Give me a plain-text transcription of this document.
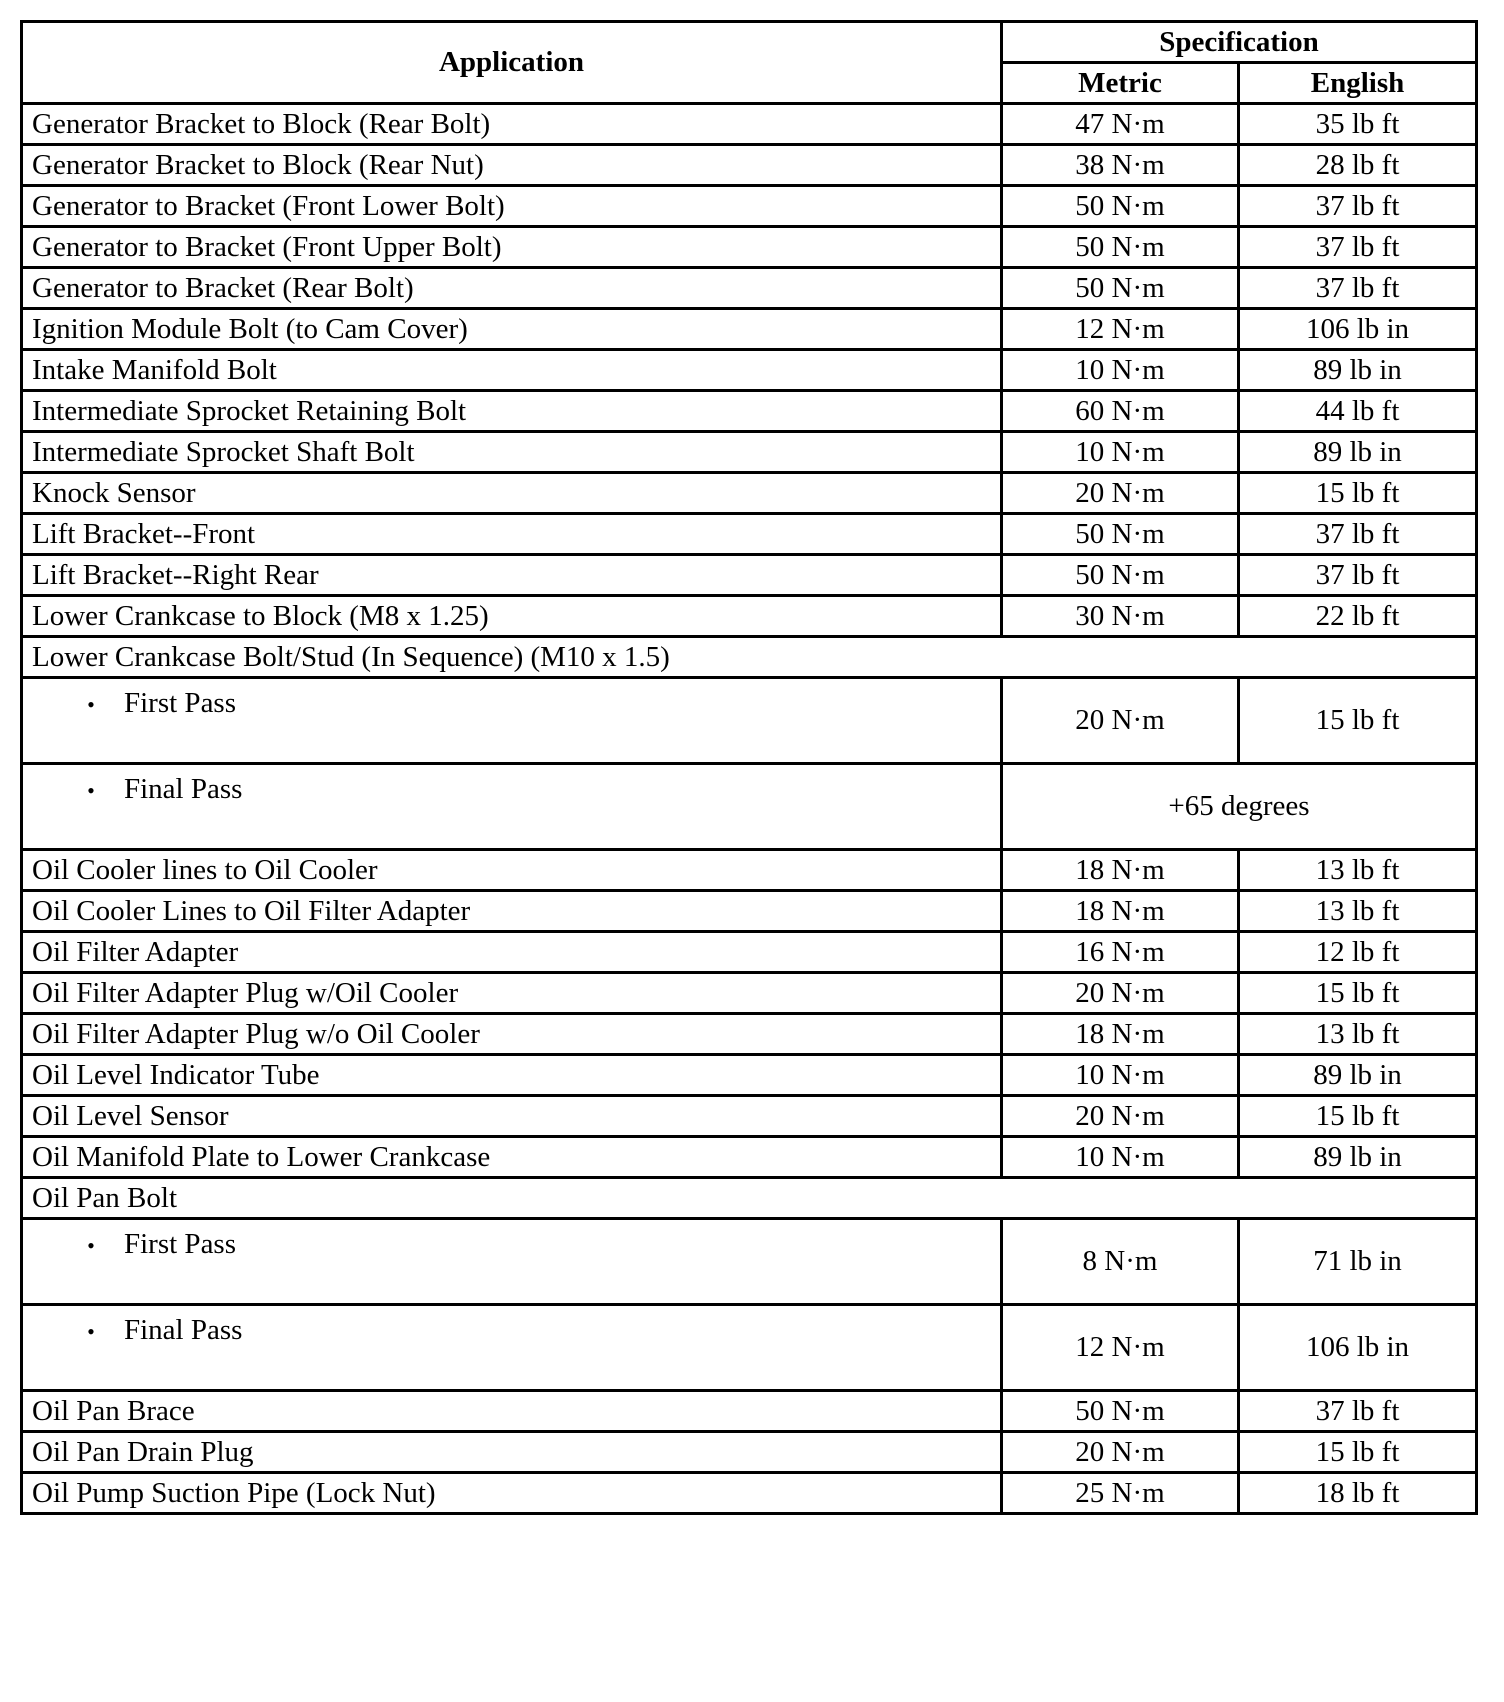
Application	Specification	
	Metric	English
Generator Bracket to Block (Rear Bolt)	47 N·m	35 lb ft
Generator Bracket to Block (Rear Nut)	38 N·m	28 lb ft
Generator to Bracket (Front Lower Bolt)	50 N·m	37 lb ft
Generator to Bracket (Front Upper Bolt)	50 N·m	37 lb ft
Generator to Bracket (Rear Bolt)	50 N·m	37 lb ft
Ignition Module Bolt (to Cam Cover)	12 N·m	106 lb in
Intake Manifold Bolt	10 N·m	89 lb in
Intermediate Sprocket Retaining Bolt	60 N·m	44 lb ft
Intermediate Sprocket Shaft Bolt	10 N·m	89 lb in
Knock Sensor	20 N·m	15 lb ft
Lift Bracket--Front	50 N·m	37 lb ft
Lift Bracket--Right Rear	50 N·m	37 lb ft
Lower Crankcase to Block (M8 x 1.25)	30 N·m	22 lb ft
Lower Crankcase Bolt/Stud (In Sequence) (M10 x 1.5)		
• First Pass	20 N·m	15 lb ft
• Final Pass	+65 degrees	
Oil Cooler lines to Oil Cooler	18 N·m	13 lb ft
Oil Cooler Lines to Oil Filter Adapter	18 N·m	13 lb ft
Oil Filter Adapter	16 N·m	12 lb ft
Oil Filter Adapter Plug w/Oil Cooler	20 N·m	15 lb ft
Oil Filter Adapter Plug w/o Oil Cooler	18 N·m	13 lb ft
Oil Level Indicator Tube	10 N·m	89 lb in
Oil Level Sensor	20 N·m	15 lb ft
Oil Manifold Plate to Lower Crankcase	10 N·m	89 lb in
Oil Pan Bolt		
• First Pass	8 N·m	71 lb in
• Final Pass	12 N·m	106 lb in
Oil Pan Brace	50 N·m	37 lb ft
Oil Pan Drain Plug	20 N·m	15 lb ft
Oil Pump Suction Pipe (Lock Nut)	25 N·m	18 lb ft
